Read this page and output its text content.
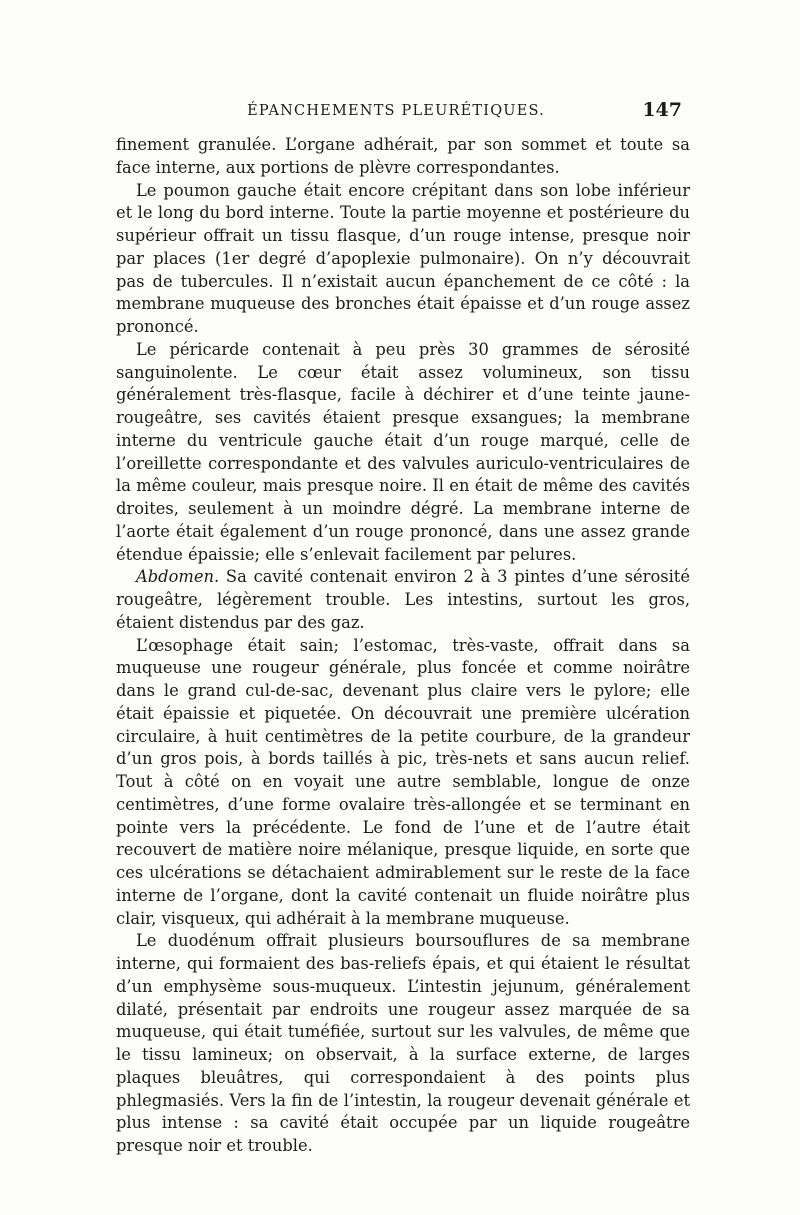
ÉPANCHEMENTS PLEURÉTIQUES.	147

finement granulée. L’organe adhérait, par son sommet et toute sa face interne, aux portions de plèvre correspondantes.

Le poumon gauche était encore crépitant dans son lobe inférieur et le long du bord interne. Toute la partie moyenne et postérieure du supérieur offrait un tissu flasque, d’un rouge intense, presque noir par places (1er degré d’apoplexie pulmonaire). On n’y découvrait pas de tubercules. Il n’existait aucun épanchement de ce côté : la membrane muqueuse des bronches était épaisse et d’un rouge assez prononcé.

Le péricarde contenait à peu près 30 grammes de sérosité sanguinolente. Le cœur était assez volumineux, son tissu généralement très-flasque, facile à déchirer et d’une teinte jaune-rougeâtre, ses cavités étaient presque exsangues; la membrane interne du ventricule gauche était d’un rouge marqué, celle de l’oreillette correspondante et des valvules auriculo-ventriculaires de la même couleur, mais presque noire. Il en était de même des cavités droites, seulement à un moindre dégré. La membrane interne de l’aorte était également d’un rouge prononcé, dans une assez grande étendue épaissie; elle s’enlevait facilement par pelures.

Abdomen. Sa cavité contenait environ 2 à 3 pintes d’une sérosité rougeâtre, légèrement trouble. Les intestins, surtout les gros, étaient distendus par des gaz.

L’œsophage était sain; l’estomac, très-vaste, offrait dans sa muqueuse une rougeur générale, plus foncée et comme noirâtre dans le grand cul-de-sac, devenant plus claire vers le pylore; elle était épaissie et piquetée. On découvrait une première ulcération circulaire, à huit centimètres de la petite courbure, de la grandeur d’un gros pois, à bords taillés à pic, très-nets et sans aucun relief. Tout à côté on en voyait une autre semblable, longue de onze centimètres, d’une forme ovalaire très-allongée et se terminant en pointe vers la précédente. Le fond de l’une et de l’autre était recouvert de matière noire mélanique, presque liquide, en sorte que ces ulcérations se détachaient admirablement sur le reste de la face interne de l’organe, dont la cavité contenait un fluide noirâtre plus clair, visqueux, qui adhérait à la membrane muqueuse.

Le duodénum offrait plusieurs boursouflures de sa membrane interne, qui formaient des bas-reliefs épais, et qui étaient le résultat d’un emphysème sous-muqueux. L’intestin jejunum, généralement dilaté, présentait par endroits une rougeur assez marquée de sa muqueuse, qui était tuméfiée, surtout sur les valvules, de même que le tissu lamineux; on observait, à la surface externe, de larges plaques bleuâtres, qui correspondaient à des points plus phlegmasiés. Vers la fin de l’intestin, la rougeur devenait générale et plus intense : sa cavité était occupée par un liquide rougeâtre presque noir et trouble.
